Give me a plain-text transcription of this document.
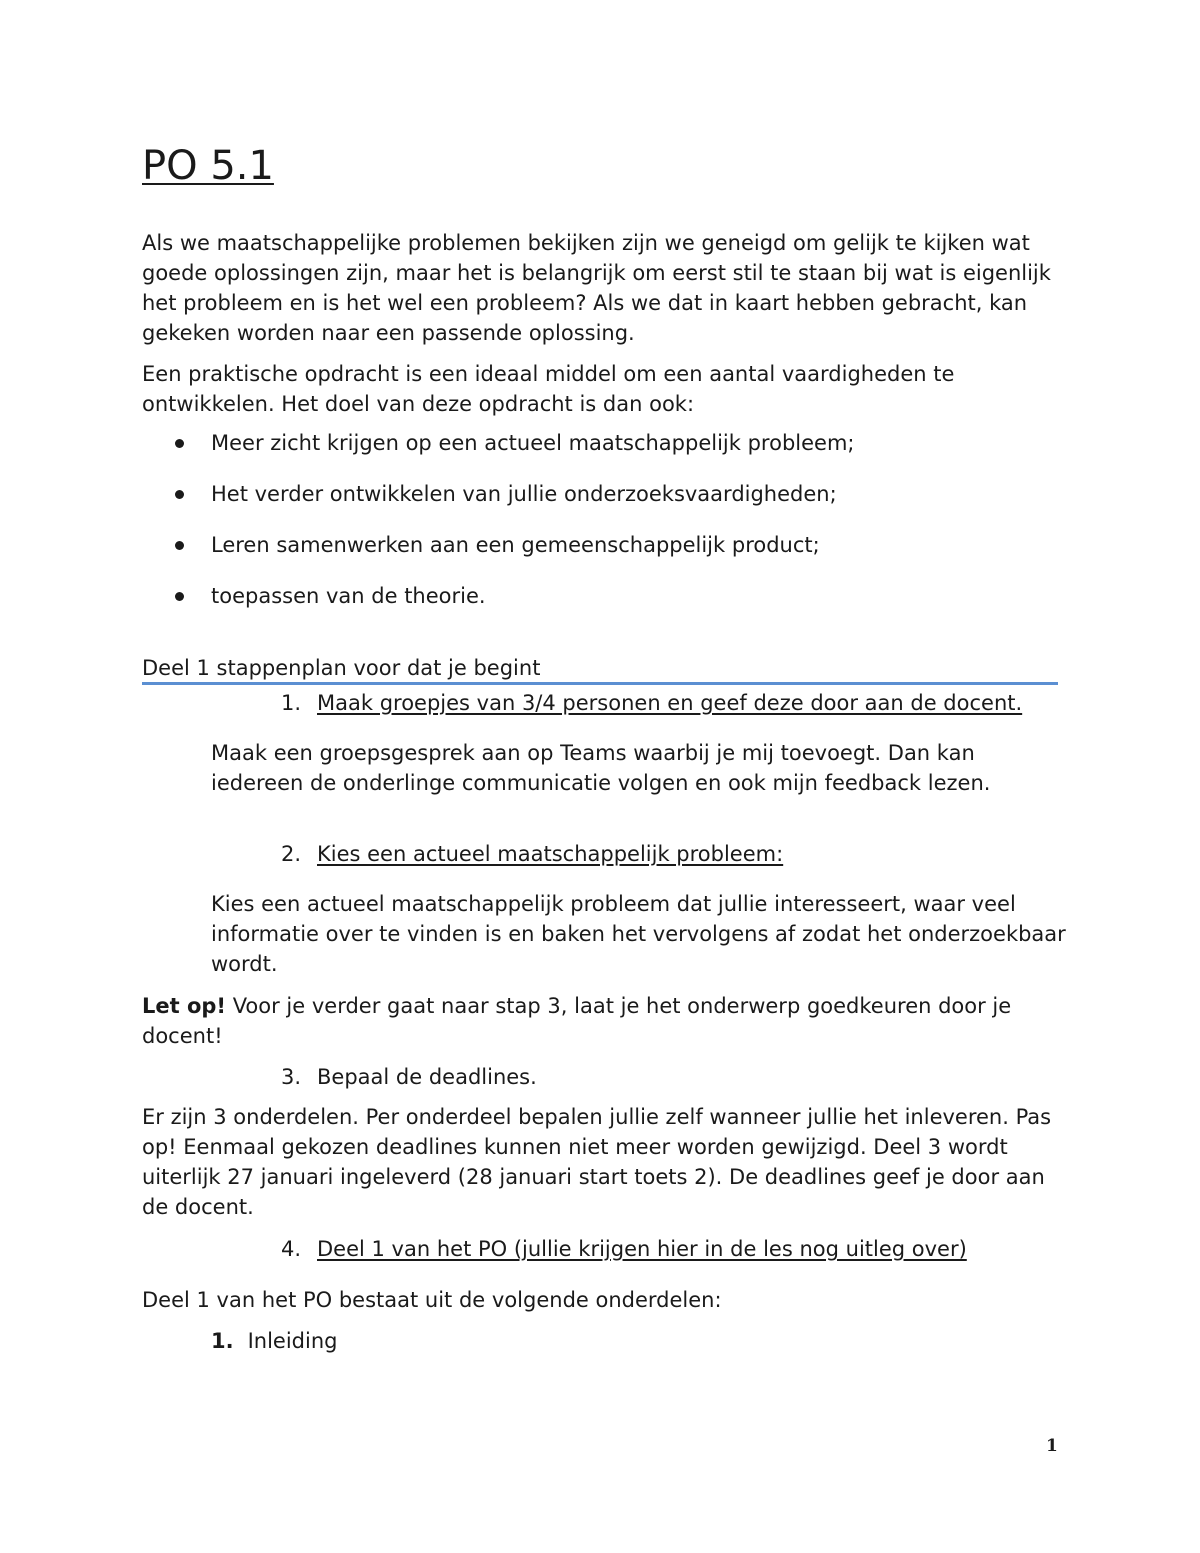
PO 5.1
Als we maatschappelijke problemen bekijken zijn we geneigd om gelijk te kijken wat goede oplossingen zijn, maar het is belangrijk om eerst stil te staan bij wat is eigenlijk het probleem en is het wel een probleem? Als we dat in kaart hebben gebracht, kan gekeken worden naar een passende oplossing.
Een praktische opdracht is een ideaal middel om een aantal vaardigheden te ontwikkelen. Het doel van deze opdracht is dan ook:
Meer zicht krijgen op een actueel maatschappelijk probleem;
Het verder ontwikkelen van jullie onderzoeksvaardigheden;
Leren samenwerken aan een gemeenschappelijk product;
toepassen van de theorie.
Deel 1 stappenplan voor dat je begint
1. Maak groepjes van 3/4 personen en geef deze door aan de docent.
Maak een groepsgesprek aan op Teams waarbij je mij toevoegt. Dan kan iedereen de onderlinge communicatie volgen en ook mijn feedback lezen.
2. Kies een actueel maatschappelijk probleem:
Kies een actueel maatschappelijk probleem dat jullie interesseert, waar veel informatie over te vinden is en baken het vervolgens af zodat het onderzoekbaar wordt.
Let op! Voor je verder gaat naar stap 3, laat je het onderwerp goedkeuren door je docent!
3. Bepaal de deadlines.
Er zijn 3 onderdelen. Per onderdeel bepalen jullie zelf wanneer jullie het inleveren. Pas op! Eenmaal gekozen deadlines kunnen niet meer worden gewijzigd. Deel 3 wordt uiterlijk 27 januari ingeleverd (28 januari start toets 2). De deadlines geef je door aan de docent.
4. Deel 1 van het PO (jullie krijgen hier in de les nog uitleg over)
Deel 1 van het PO bestaat uit de volgende onderdelen:
1. Inleiding
1
